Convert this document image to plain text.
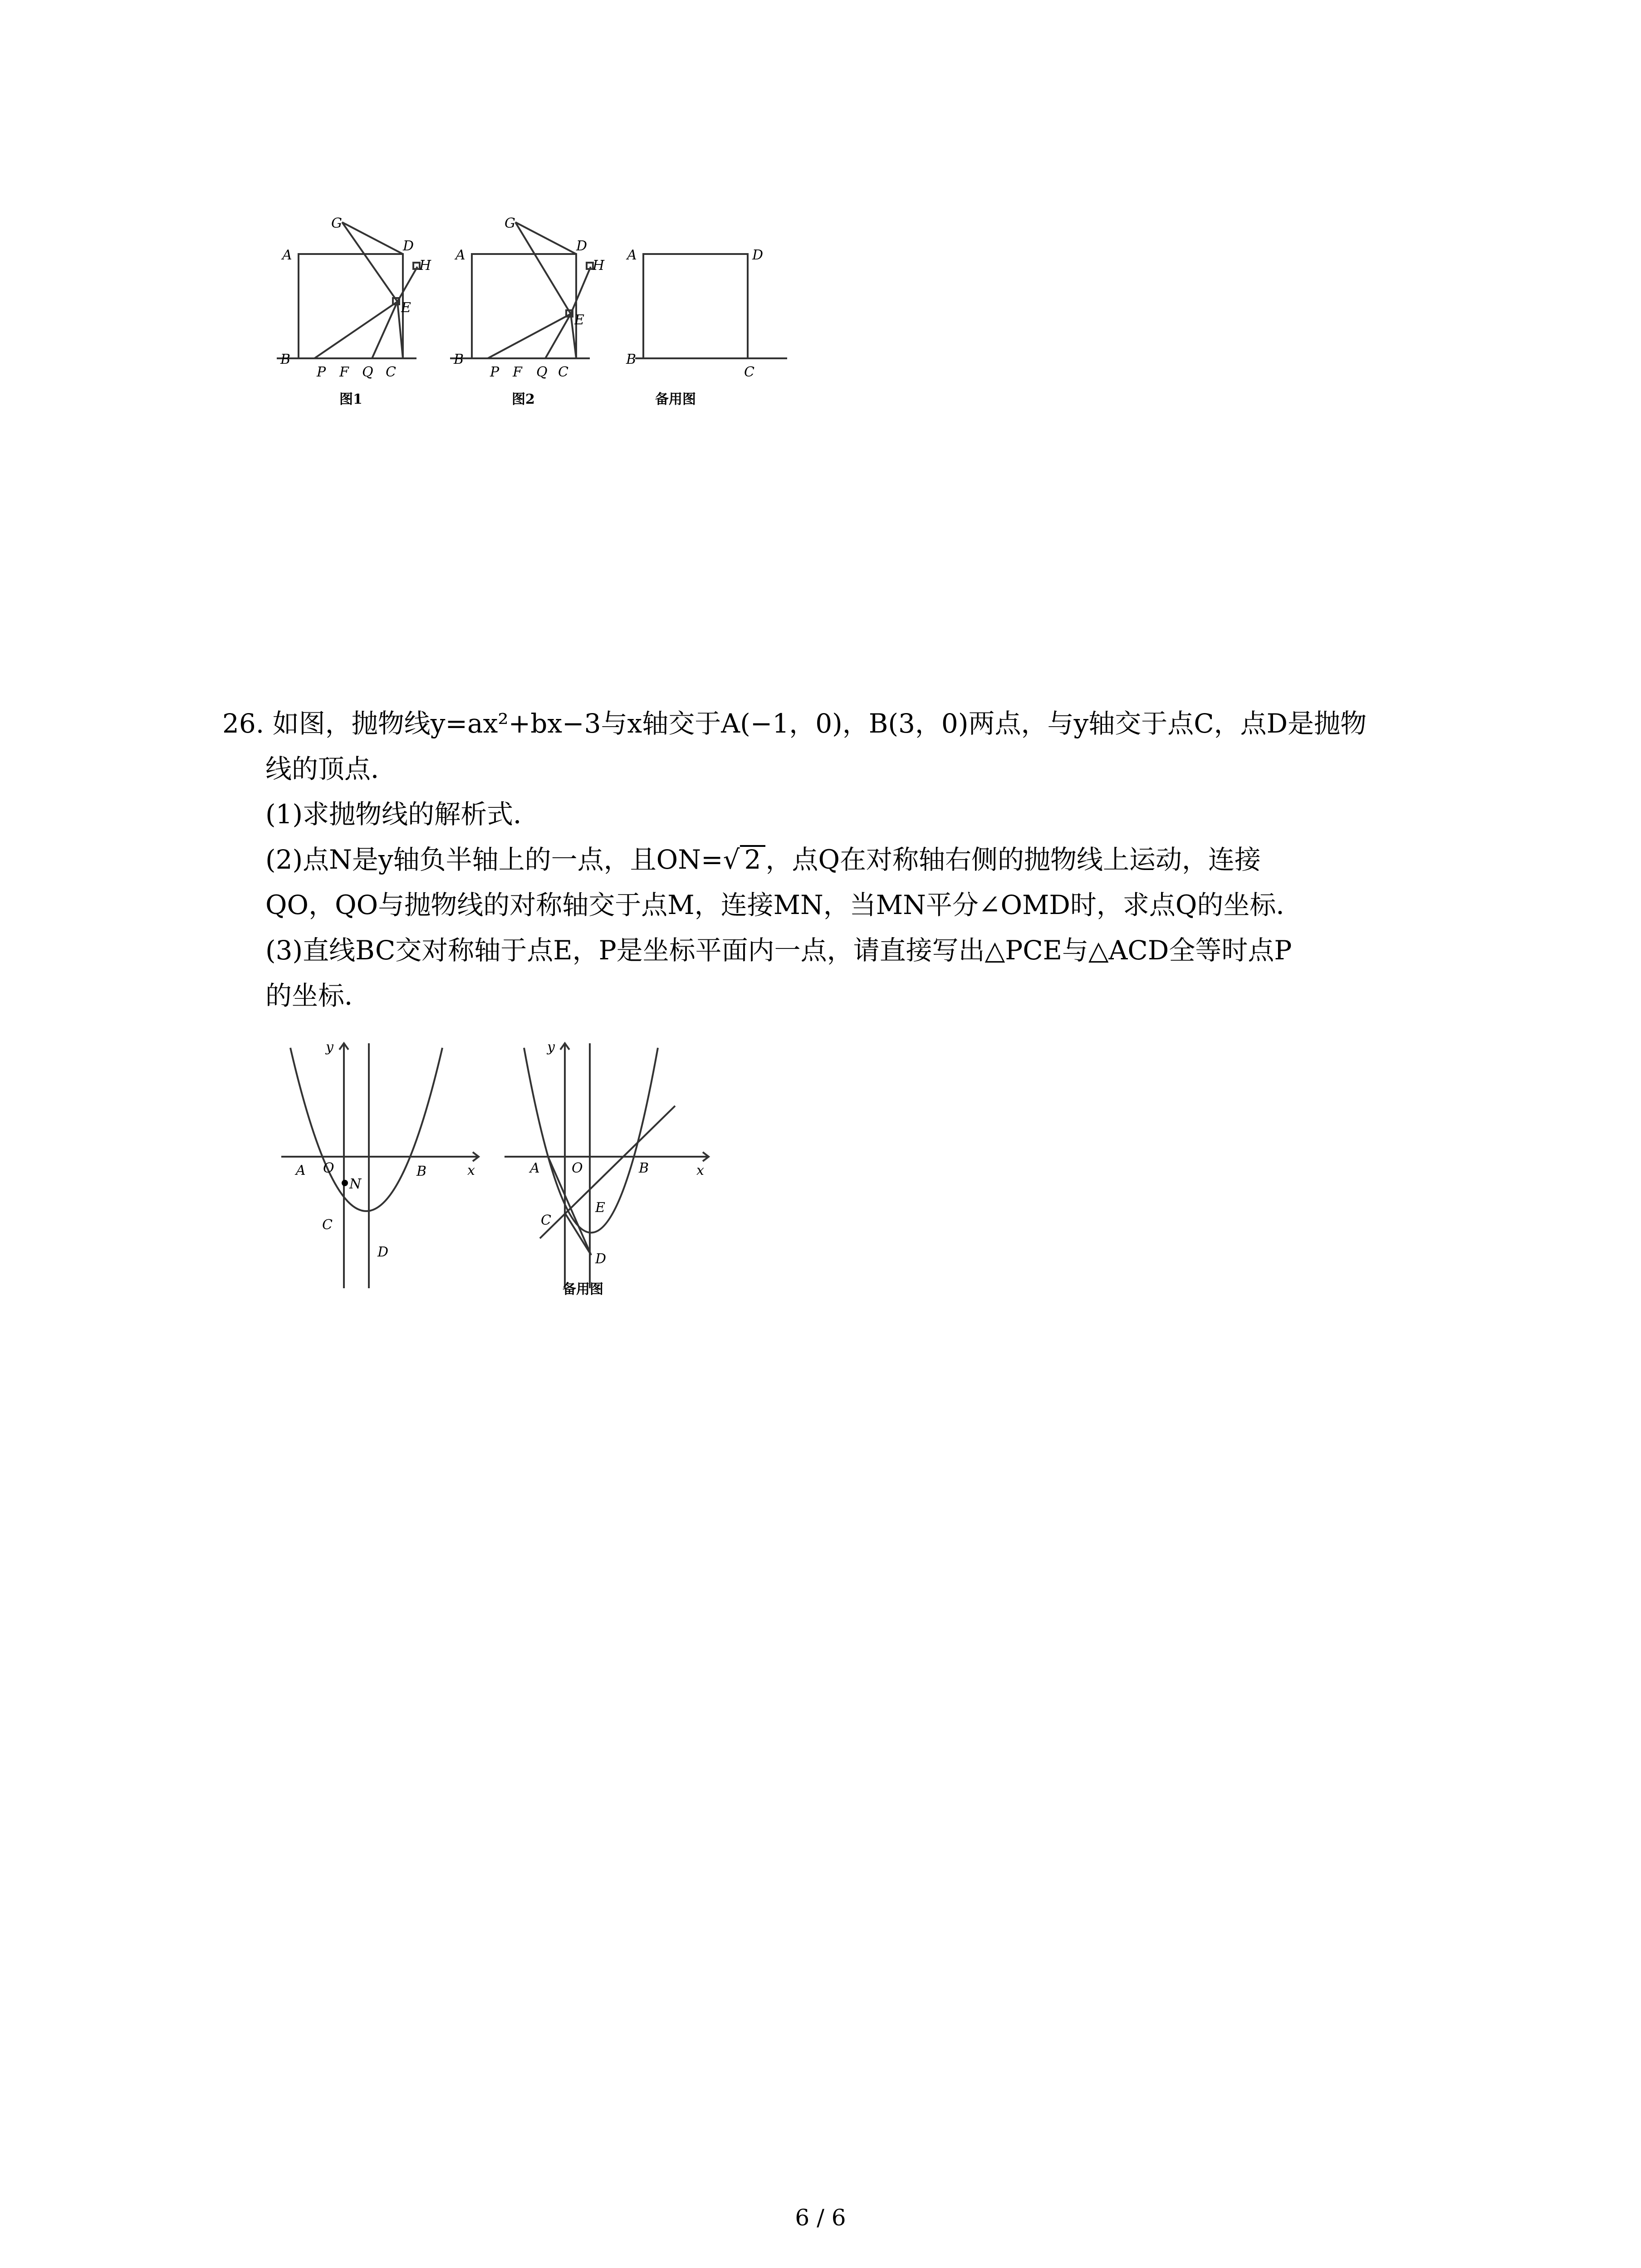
G
D
A
H
E
B
P F Q C
G
D
A
H
E
B
P F Q C
A	D
B
C
图1	图2	备用图

26. 如图，抛物线y=ax²+bx−3与x轴交于A(−1，0)，B(3，0)两点，与y轴交于点C，点D是抛物

线的顶点．

(1)求抛物线的解析式．

(2)点N是y轴负半轴上的一点，且ON=√ 2 ，点Q在对称轴右侧的抛物线上运动，连接

QO，QO与抛物线的对称轴交于点M，连接MN，当MN平分∠OMD时，求点Q的坐标．

(3)直线BC交对称轴于点E，P是坐标平面内一点，请直接写出△PCE与△ACD全等时点P

的坐标．

y
x
A O
N
B
C
D
y
x
A O	B
C
E
D
备用图
6 / 6
